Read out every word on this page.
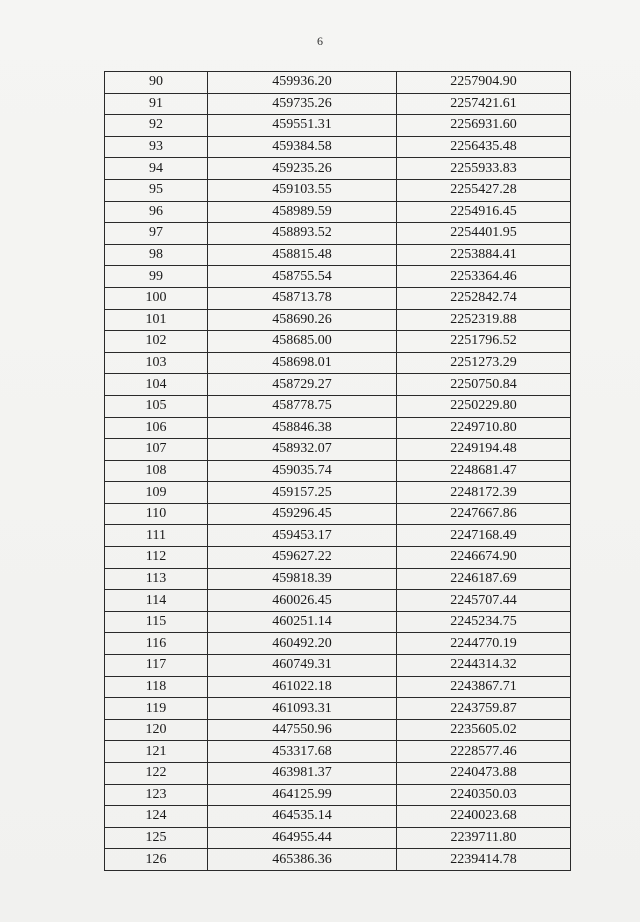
6
90	459936.20	2257904.90
91	459735.26	2257421.61
92	459551.31	2256931.60
93	459384.58	2256435.48
94	459235.26	2255933.83
95	459103.55	2255427.28
96	458989.59	2254916.45
97	458893.52	2254401.95
98	458815.48	2253884.41
99	458755.54	2253364.46
100	458713.78	2252842.74
101	458690.26	2252319.88
102	458685.00	2251796.52
103	458698.01	2251273.29
104	458729.27	2250750.84
105	458778.75	2250229.80
106	458846.38	2249710.80
107	458932.07	2249194.48
108	459035.74	2248681.47
109	459157.25	2248172.39
110	459296.45	2247667.86
111	459453.17	2247168.49
112	459627.22	2246674.90
113	459818.39	2246187.69
114	460026.45	2245707.44
115	460251.14	2245234.75
116	460492.20	2244770.19
117	460749.31	2244314.32
118	461022.18	2243867.71
119	461093.31	2243759.87
120	447550.96	2235605.02
121	453317.68	2228577.46
122	463981.37	2240473.88
123	464125.99	2240350.03
124	464535.14	2240023.68
125	464955.44	2239711.80
126	465386.36	2239414.78
